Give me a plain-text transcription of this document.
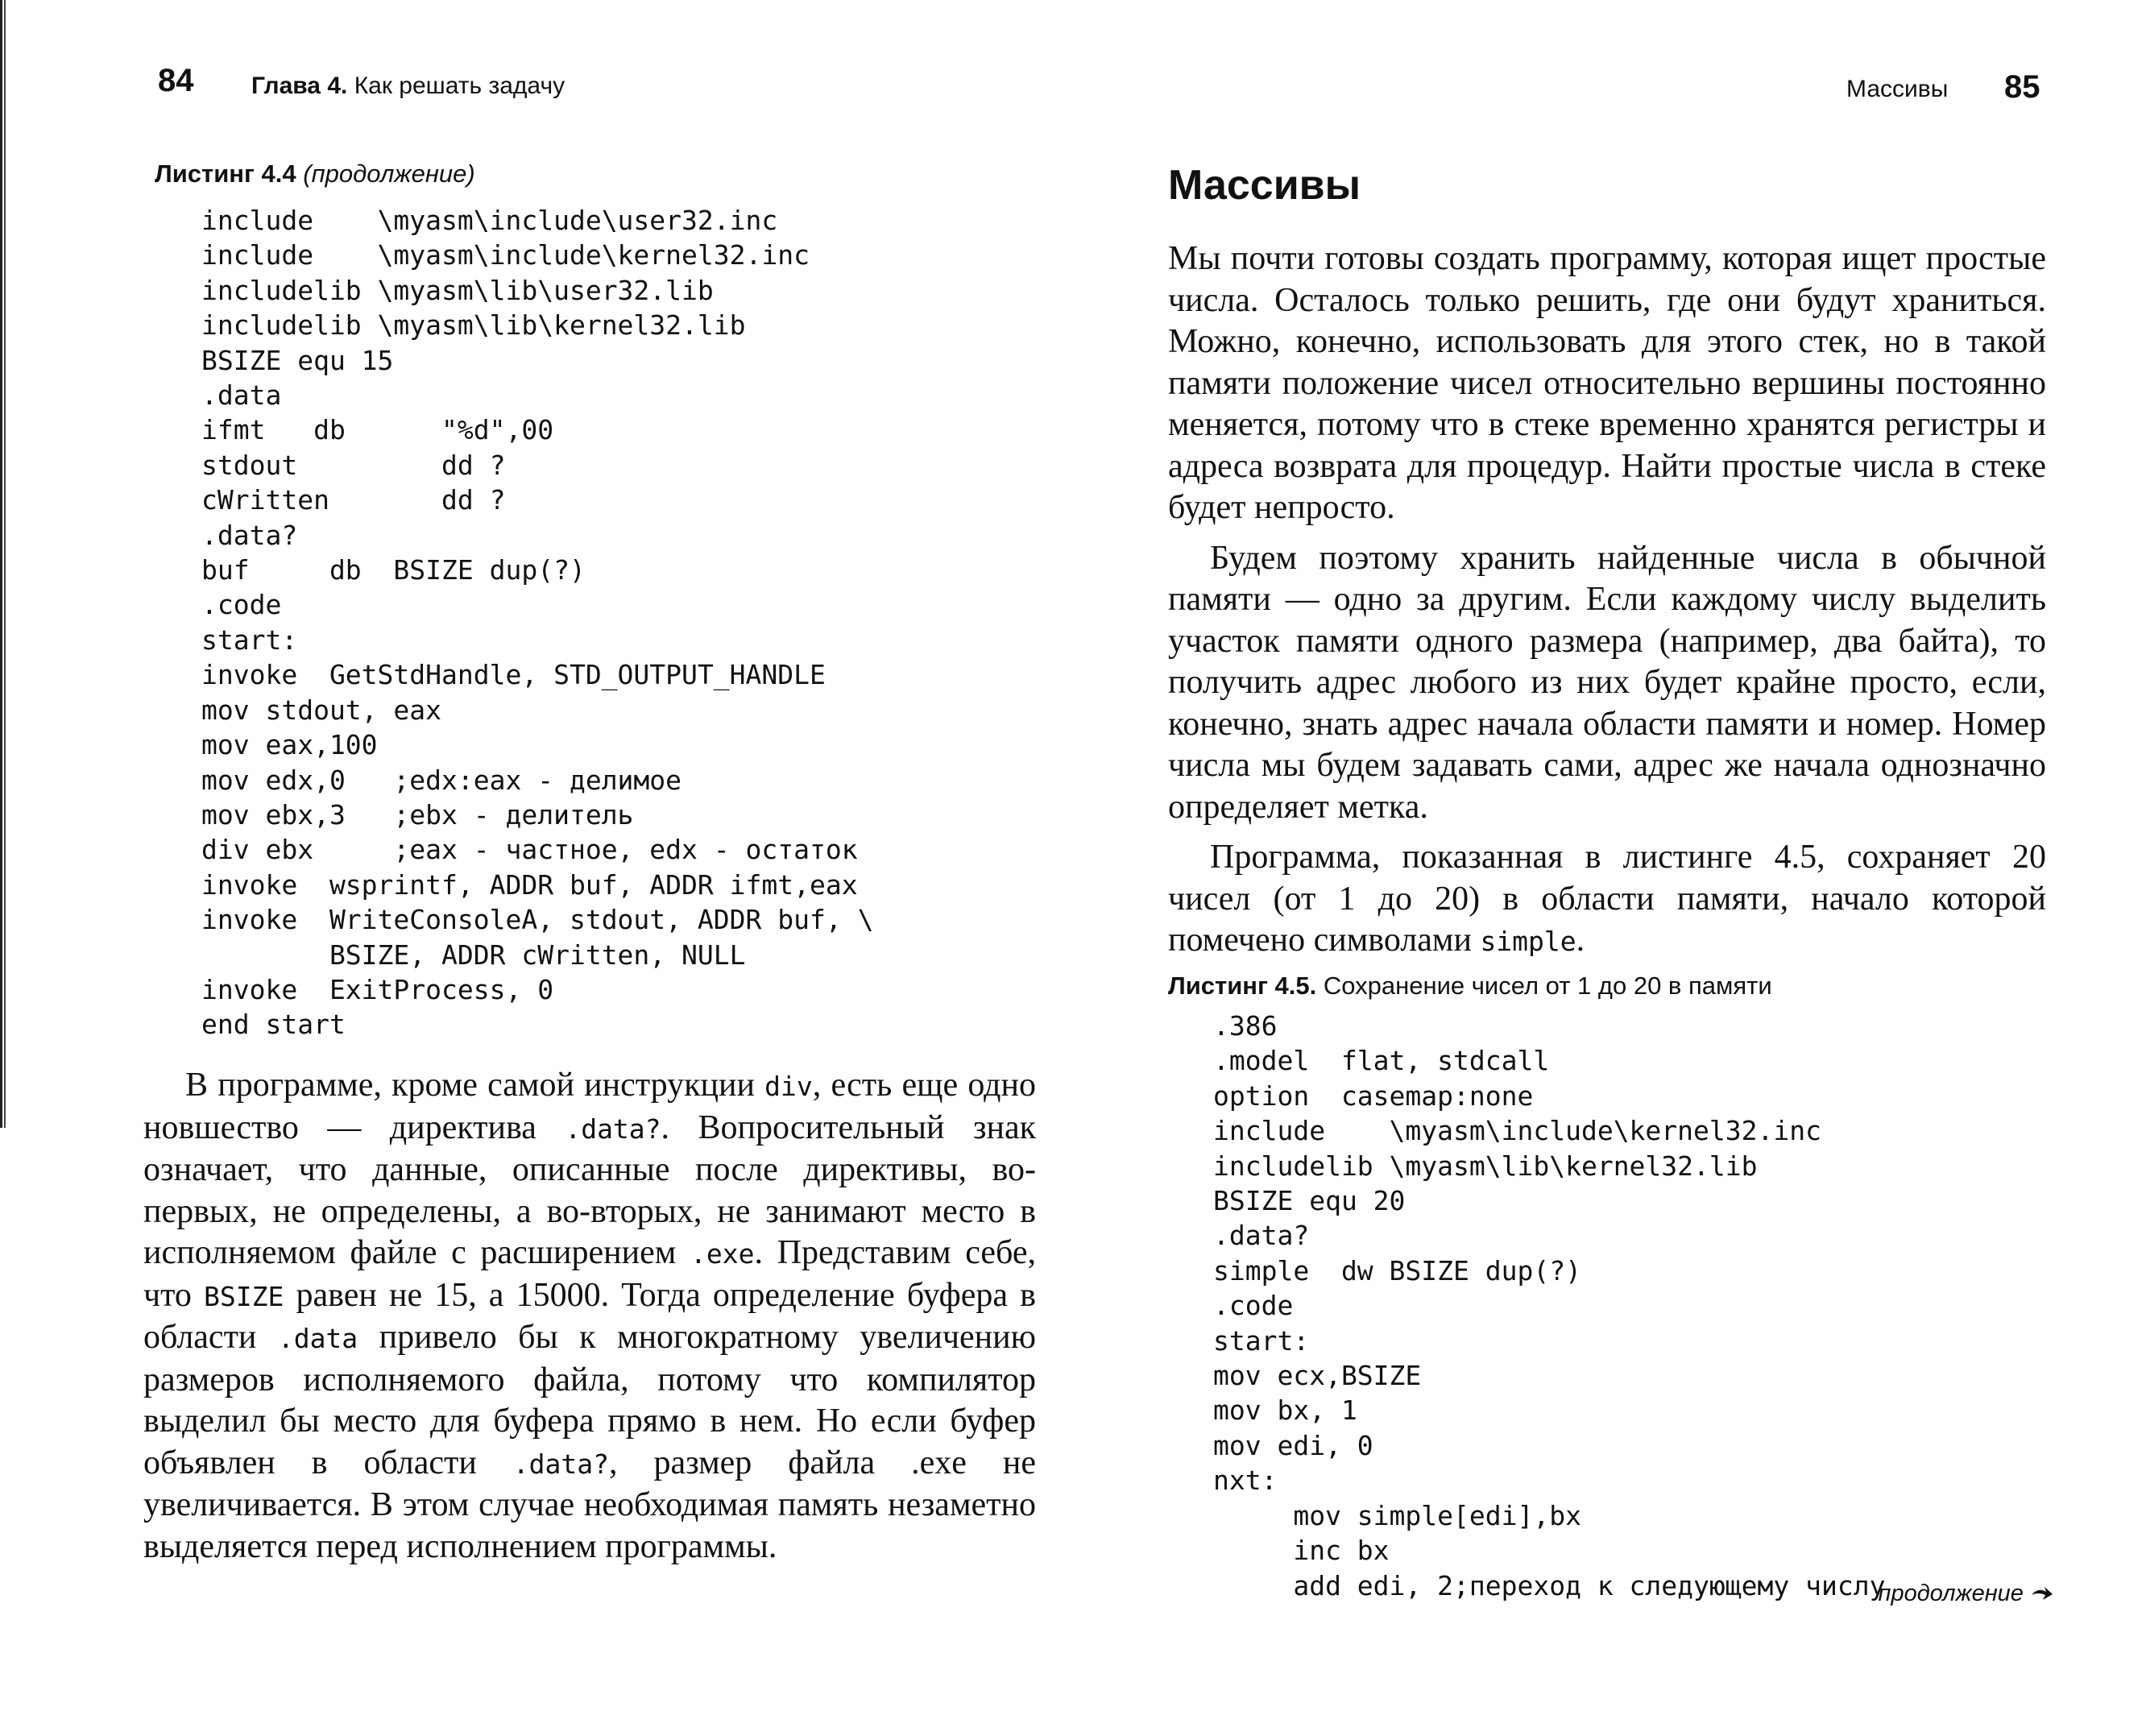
84 Глава 4. Как решать задачу
Листинг 4.4 (продолжение)
include    \myasm\include\user32.inc
include    \myasm\include\kernel32.inc
includelib \myasm\lib\user32.lib
includelib \myasm\lib\kernel32.lib
BSIZE equ 15
.data
ifmt   db      "%d",00
stdout         dd ?
cWritten       dd ?
.data?
buf     db  BSIZE dup(?)
.code
start:
invoke  GetStdHandle, STD_OUTPUT_HANDLE
mov stdout, eax
mov eax,100
mov edx,0   ;edx:eax - делимое
mov ebx,3   ;ebx - делитель
div ebx     ;eax - частное, edx - остаток
invoke  wsprintf, ADDR buf, ADDR ifmt,eax
invoke  WriteConsoleA, stdout, ADDR buf, \
BSIZE, ADDR cWritten, NULL
invoke  ExitProcess, 0
end start

В программе, кроме самой инструкции div, есть еще одно новшество — директива .data?. Вопросительный знак означает, что данные, описанные после директивы, во-первых, не определены, а во-вторых, не занимают место в исполняемом файле с расширением .exe. Представим себе, что BSIZE равен не 15, а 15000. Тогда определение буфера в области .data привело бы к многократному увеличению размеров исполняемого файла, потому что компилятор выделил бы место для буфера прямо в нем. Но если буфер объявлен в области .data?, размер файла .exe не увеличивается. В этом случае необходимая память незаметно выделяется перед исполнением программы.

Массивы 85
Массивы

Мы почти готовы создать программу, которая ищет простые числа. Осталось только решить, где они будут храниться. Можно, конечно, использовать для этого стек, но в такой памяти положение чисел относительно вершины постоянно меняется, потому что в стеке временно хранятся регистры и адреса возврата для процедур. Найти простые числа в стеке будет непросто.

Будем поэтому хранить найденные числа в обычной памяти — одно за другим. Если каждому числу выделить участок памяти одного размера (например, два байта), то получить адрес любого из них будет крайне просто, если, конечно, знать адрес начала области памяти и номер. Номер числа мы будем задавать сами, адрес же начала однозначно определяет метка.

Программа, показанная в листинге 4.5, сохраняет 20 чисел (от 1 до 20) в области памяти, начало которой помечено символами simple.

Листинг 4.5. Сохранение чисел от 1 до 20 в памяти
.386
.model  flat, stdcall
option  casemap:none
include    \myasm\include\kernel32.inc
includelib \myasm\lib\kernel32.lib
BSIZE equ 20
.data?
simple  dw BSIZE dup(?)
.code
start:
mov ecx,BSIZE
mov bx, 1
mov edi, 0
nxt:
mov simple[edi],bx
inc bx
add edi, 2;переход к следующему числу
продолжение
